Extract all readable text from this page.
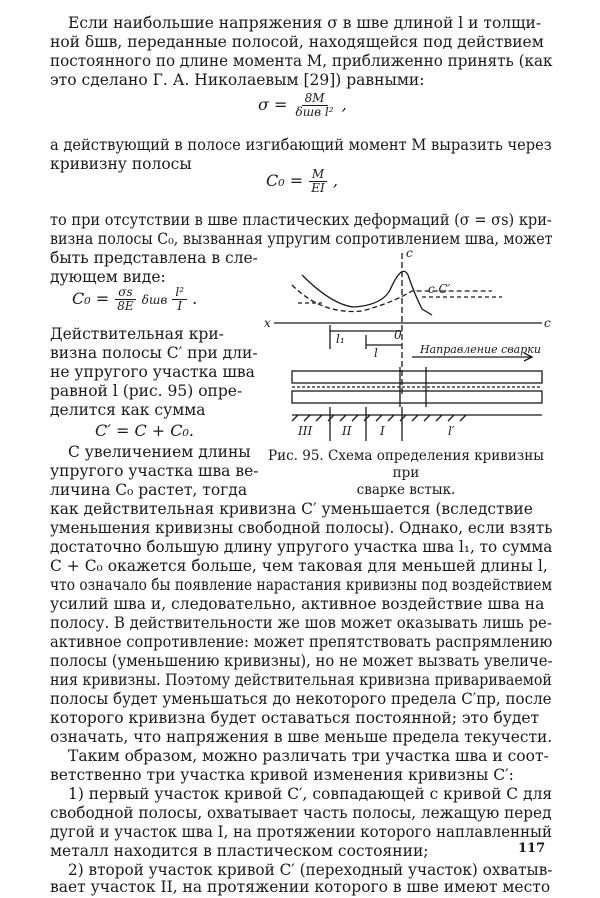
Если наибольшие напряжения σ в шве длиной l и толщи-
ной δшв, переданные полосой, находящейся под действием
постоянного по длине момента M, приближенно принять (как
это сделано Г. А. Николаевым [29]) равными:
$\sigma = \frac{8M}{\text{δшв l²}}$ ,
а действующий в полосе изгибающий момент M выразить через
кривизну полосы
$C_0 = \frac{M}{EI}$ ,
то при отсутствии в шве пластических деформаций (σ = σs) кри-
визна полосы C₀, вызванная упругим сопротивлением шва, может
быть представлена в сле-
дующем виде:
$C_0 = \frac{\sigma s}{8E}$ δшв $\frac{\text{l²}}{I}$ .
Действительная кри-
визна полосы C′ при дли-
не упругого участка шва
равной l (рис. 95) опре-
делится как сумма
C′ = C + C₀.
С увеличением длины
упругого участка шва ве-
личина C₀ растет, тогда
c
c C′
x	c
0
l₁
l
l′
Направление сварки
III II I
Рис. 95. Схема определения кривизны при
сварке встык.
как действительная кривизна C′ уменьшается (вследствие
уменьшения кривизны свободной полосы). Однако, если взять
достаточно большую длину упругого участка шва l₁, то сумма
C + C₀ окажется больше, чем таковая для меньшей длины l,
что означало бы появление нарастания кривизны под воздействием
усилий шва и, следовательно, активное воздействие шва на
полосу. В действительности же шов может оказывать лишь ре-
активное сопротивление: может препятствовать распрямлению
полосы (уменьшению кривизны), но не может вызвать увеличе-
ния кривизны. Поэтому действительная кривизна привариваемой
полосы будет уменьшаться до некоторого предела C′пр, после
которого кривизна будет оставаться постоянной; это будет
означать, что напряжения в шве меньше предела текучести.
Таким образом, можно различать три участка шва и соот-
ветственно три участка кривой изменения кривизны C′:
1) первый участок кривой C′, совпадающей с кривой C для
свободной полосы, охватывает часть полосы, лежащую перед
дугой и участок шва I, на протяжении которого наплавленный
металл находится в пластическом состоянии;
2) второй участок кривой C′ (переходный участок) охватыв-
вает участок II, на протяжении которого в шве имеют место
117
